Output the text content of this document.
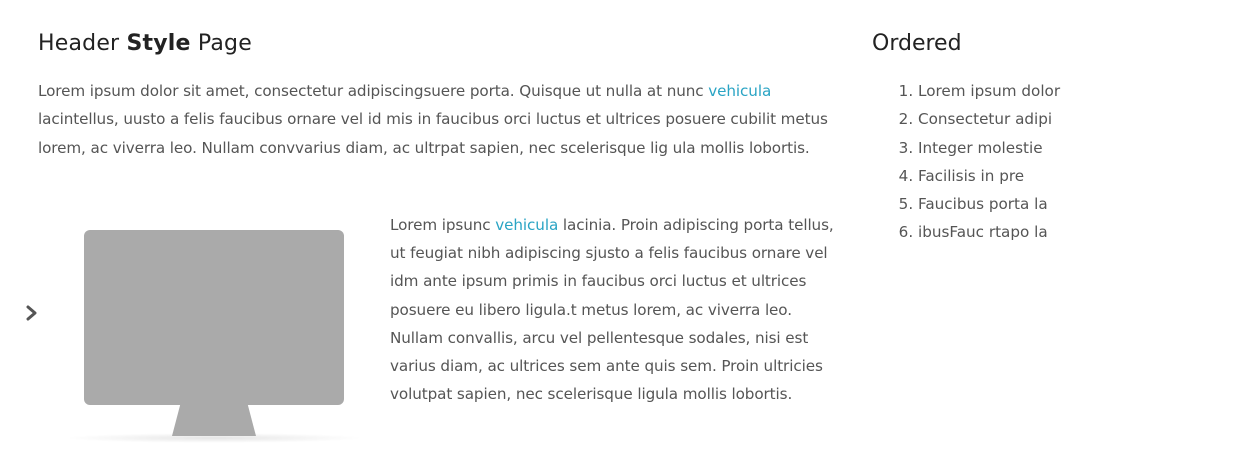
Header Style Page

Lorem ipsum dolor sit amet, consectetur adipiscingsuere porta. Quisque ut nulla at nunc vehicula lacintellus, uusto a felis faucibus ornare vel id mis in faucibus orci luctus et ultrices posuere cubilit metus lorem, ac viverra leo. Nullam convvarius diam, ac ultrpat sapien, nec scelerisque lig ula mollis lobortis.

Lorem ipsunc vehicula lacinia. Proin adipiscing porta tellus, ut feugiat nibh adipiscing sjusto a felis faucibus ornare vel idm ante ipsum primis in faucibus orci luctus et ultrices posuere eu libero ligula.t metus lorem, ac viverra leo. Nullam convallis, arcu vel pellentesque sodales, nisi est varius diam, ac ultrices sem ante quis sem. Proin ultricies volutpat sapien, nec scelerisque ligula mollis lobortis.

Ordered
1. Lorem ipsum dolor
2. Consectetur adipi
3. Integer molestie
4. Facilisis in pre
5. Faucibus porta la
6. ibusFauc rtapo la
